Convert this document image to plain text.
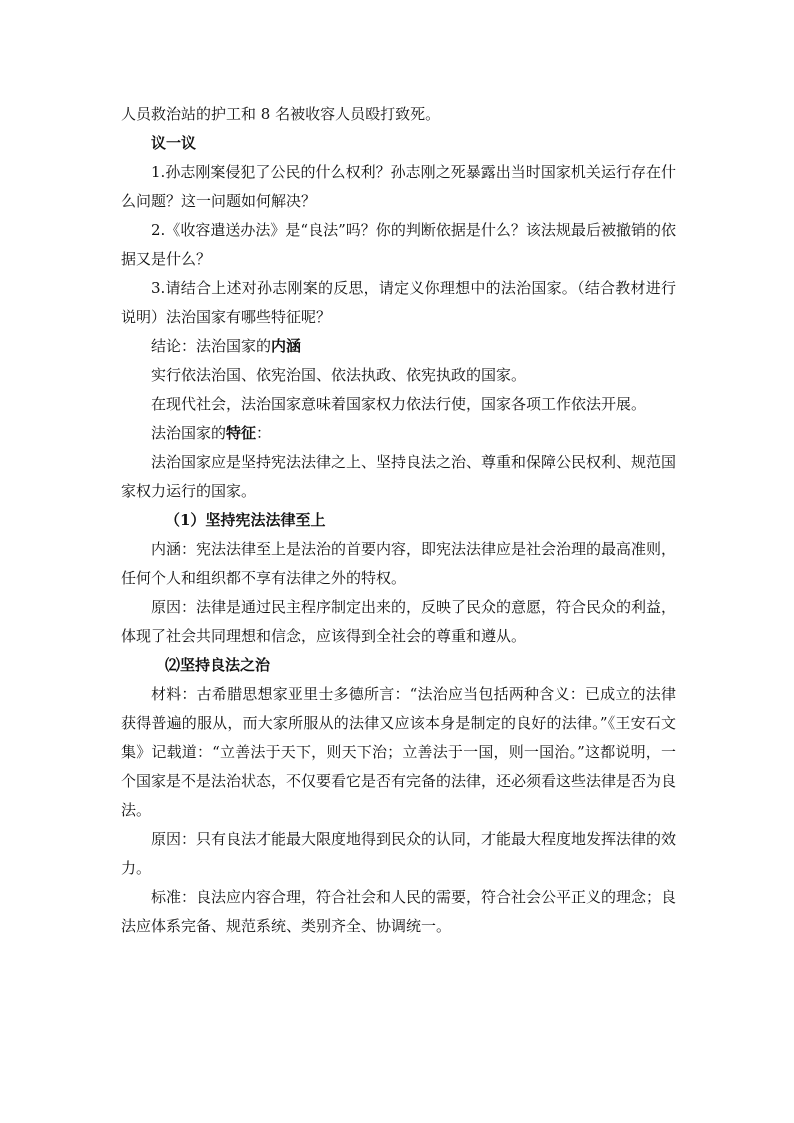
人员救治站的护工和 8 名被收容人员殴打致死。

议一议

1.孙志刚案侵犯了公民的什么权利？孙志刚之死暴露出当时国家机关运行存在什么问题？这一问题如何解决？

2.《收容遣送办法》是“良法”吗？你的判断依据是什么？该法规最后被撤销的依据又是什么？

3.请结合上述对孙志刚案的反思，请定义你理想中的法治国家。（结合教材进行说明）法治国家有哪些特征呢？

结论：法治国家的内涵

实行依法治国、依宪治国、依法执政、依宪执政的国家。

在现代社会，法治国家意味着国家权力依法行使，国家各项工作依法开展。

法治国家的特征：

法治国家应是坚持宪法法律之上、坚持良法之治、尊重和保障公民权利、规范国家权力运行的国家。

（1）坚持宪法法律至上

内涵：宪法法律至上是法治的首要内容，即宪法法律应是社会治理的最高准则，任何个人和组织都不享有法律之外的特权。

原因：法律是通过民主程序制定出来的，反映了民众的意愿，符合民众的利益，体现了社会共同理想和信念，应该得到全社会的尊重和遵从。

⑵坚持良法之治

材料：古希腊思想家亚里士多德所言：“法治应当包括两种含义：已成立的法律获得普遍的服从，而大家所服从的法律又应该本身是制定的良好的法律。”《王安石文集》记载道：“立善法于天下，则天下治；立善法于一国，则一国治。”这都说明，一个国家是不是法治状态，不仅要看它是否有完备的法律，还必须看这些法律是否为良法。

原因：只有良法才能最大限度地得到民众的认同，才能最大程度地发挥法律的效力。

标准：良法应内容合理，符合社会和人民的需要，符合社会公平正义的理念；良法应体系完备、规范系统、类别齐全、协调统一。
